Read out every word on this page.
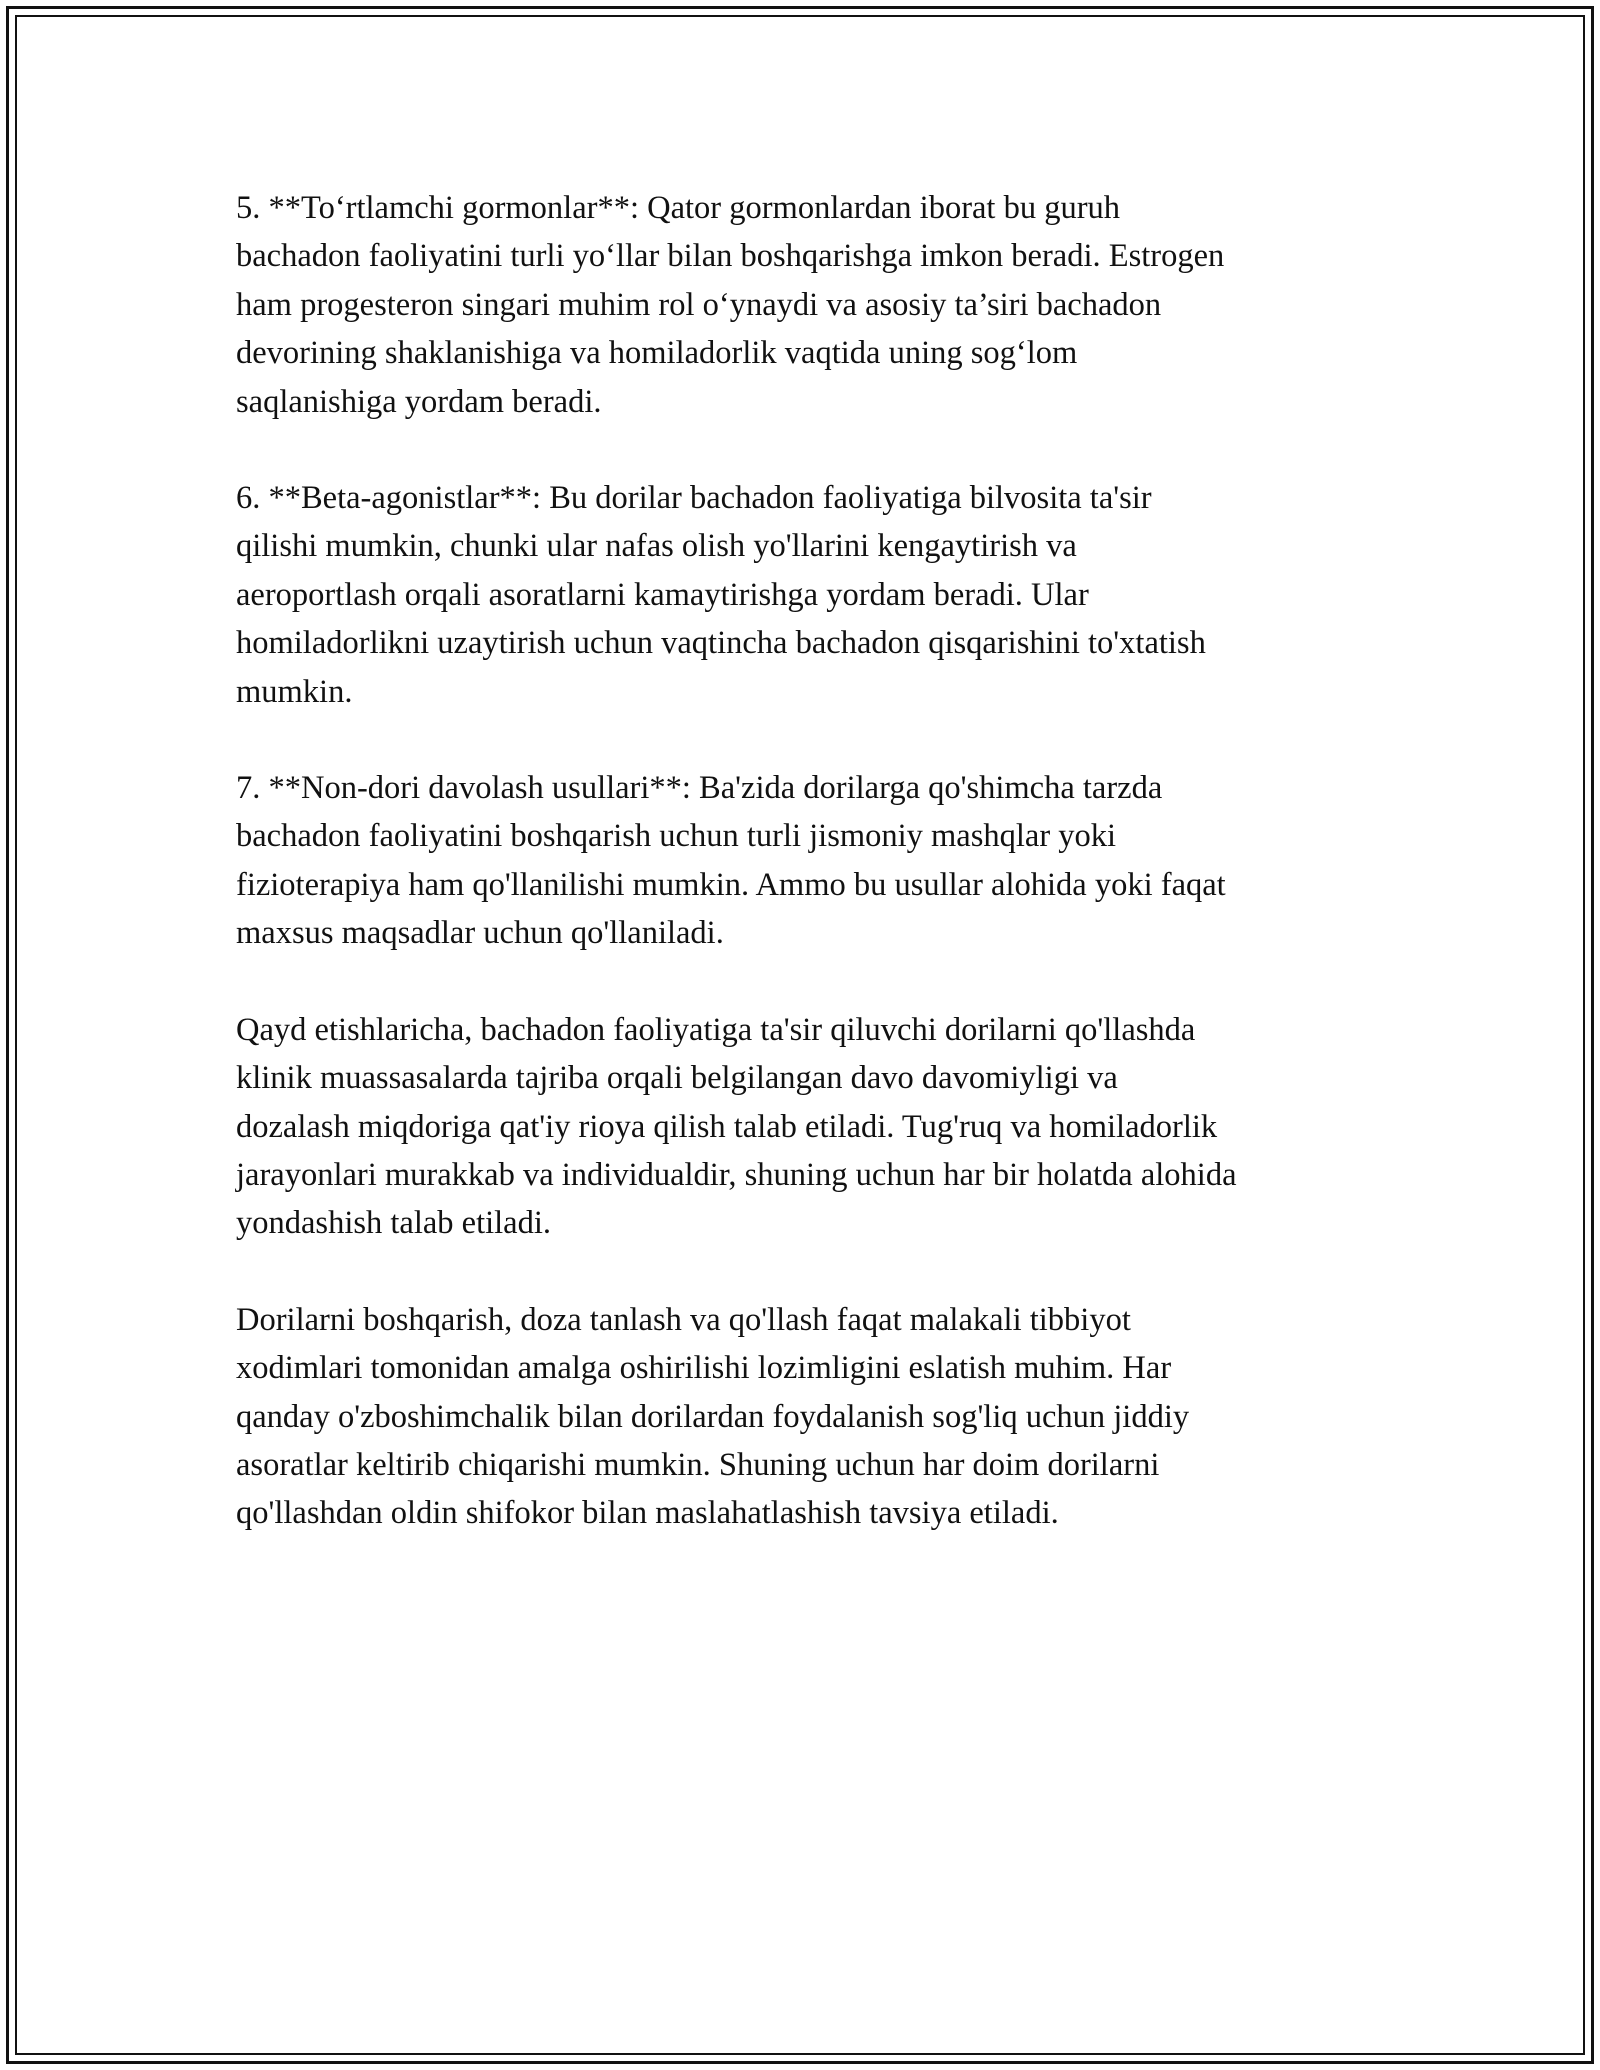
5. **To‘rtlamchi gormonlar**: Qator gormonlardan iborat bu guruh
bachadon faoliyatini turli yo‘llar bilan boshqarishga imkon beradi. Estrogen
ham progesteron singari muhim rol o‘ynaydi va asosiy ta’siri bachadon
devorining shaklanishiga va homiladorlik vaqtida uning sog‘lom
saqlanishiga yordam beradi.

6. **Beta-agonistlar**: Bu dorilar bachadon faoliyatiga bilvosita ta'sir
qilishi mumkin, chunki ular nafas olish yo'llarini kengaytirish va
aeroportlash orqali asoratlarni kamaytirishga yordam beradi. Ular
homiladorlikni uzaytirish uchun vaqtincha bachadon qisqarishini to'xtatish
mumkin.

7. **Non-dori davolash usullari**: Ba'zida dorilarga qo'shimcha tarzda
bachadon faoliyatini boshqarish uchun turli jismoniy mashqlar yoki
fizioterapiya ham qo'llanilishi mumkin. Ammo bu usullar alohida yoki faqat
maxsus maqsadlar uchun qo'llaniladi.

Qayd etishlaricha, bachadon faoliyatiga ta'sir qiluvchi dorilarni qo'llashda
klinik muassasalarda tajriba orqali belgilangan davo davomiyligi va
dozalash miqdoriga qat'iy rioya qilish talab etiladi. Tug'ruq va homiladorlik
jarayonlari murakkab va individualdir, shuning uchun har bir holatda alohida
yondashish talab etiladi.

Dorilarni boshqarish, doza tanlash va qo'llash faqat malakali tibbiyot
xodimlari tomonidan amalga oshirilishi lozimligini eslatish muhim. Har
qanday o'zboshimchalik bilan dorilardan foydalanish sog'liq uchun jiddiy
asoratlar keltirib chiqarishi mumkin. Shuning uchun har doim dorilarni
qo'llashdan oldin shifokor bilan maslahatlashish tavsiya etiladi.
